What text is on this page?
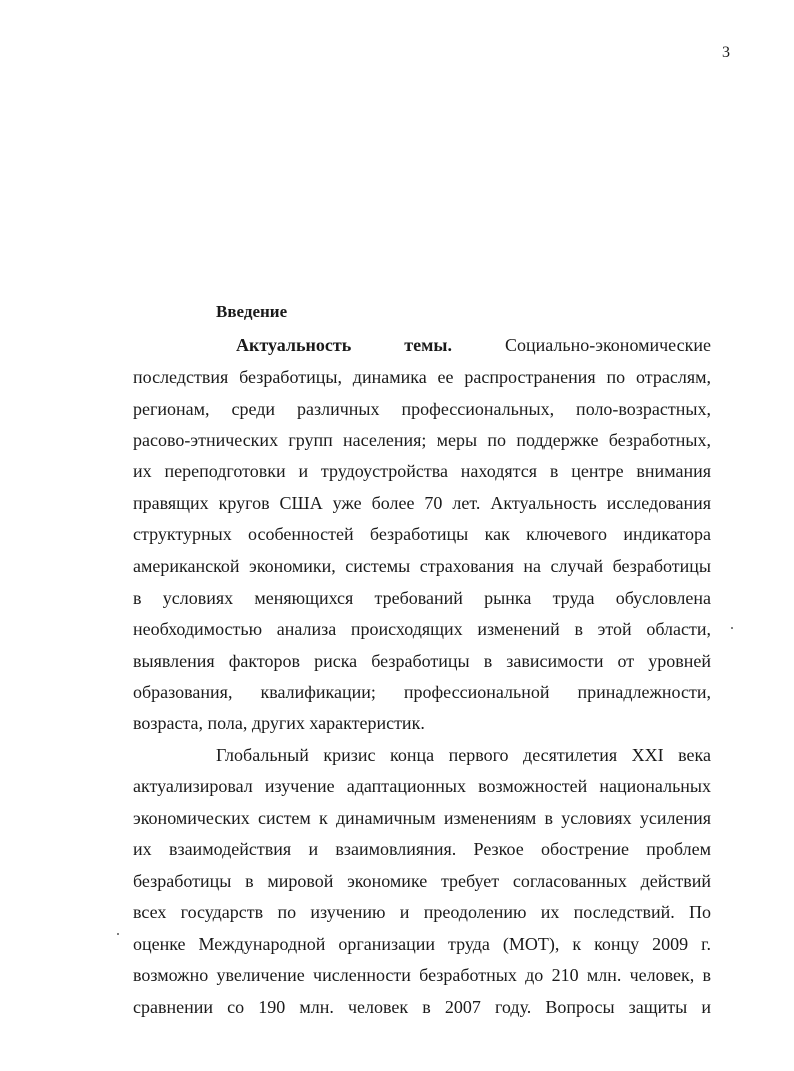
3
Введение
Актуальность	темы.	Социально-экономические
последствия безработицы, динамика ее распространения по отраслям,
регионам, среди различных профессиональных, поло-возрастных,
расово-этнических групп населения; меры по поддержке безработных,
их переподготовки и трудоустройства находятся в центре внимания
правящих кругов США уже более 70 лет. Актуальность исследования
структурных особенностей безработицы как ключевого индикатора
американской экономики, системы страхования на случай безработицы
в условиях меняющихся требований рынка труда обусловлена
необходимостью анализа происходящих изменений в этой области,
выявления факторов риска безработицы в зависимости от уровней
образования, квалификации; профессиональной принадлежности,
возраста, пола, других характеристик.
Глобальный кризис конца первого десятилетия XXI века
актуализировал изучение адаптационных возможностей национальных
экономических систем к динамичным изменениям в условиях усиления
их взаимодействия и взаимовлияния. Резкое обострение проблем
безработицы в мировой экономике требует согласованных действий
всех государств по изучению и преодолению их последствий. По
оценке Международной организации труда (МОТ), к концу 2009 г.
возможно увеличение численности безработных до 210 млн. человек, в
сравнении со 190 млн. человек в 2007 году. Вопросы защиты и
